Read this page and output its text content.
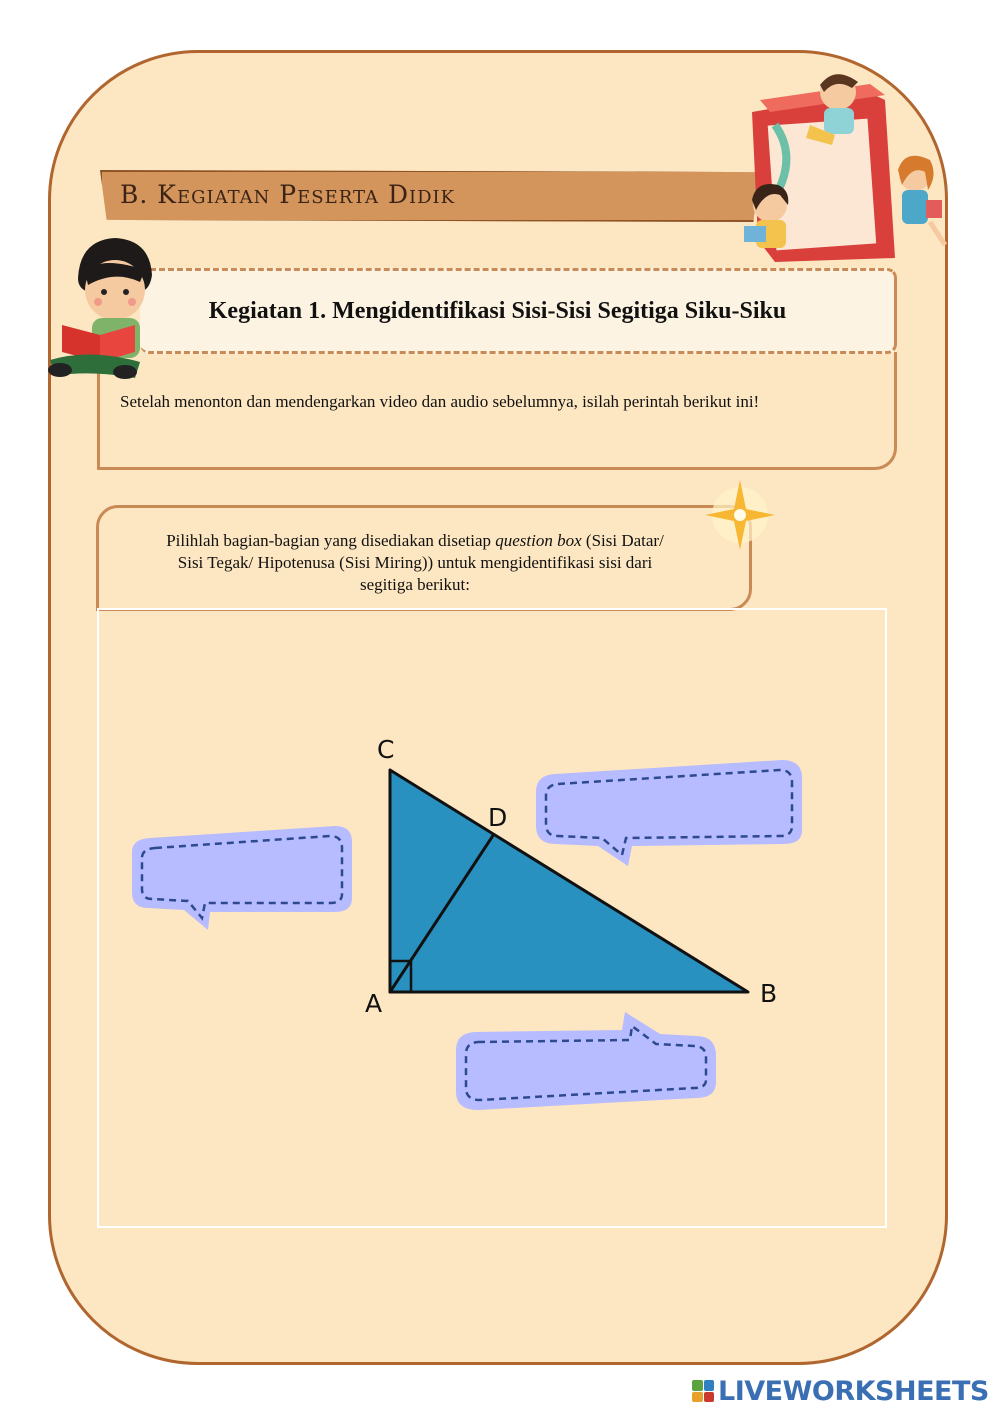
B. Kegiatan Peserta Didik
Kegiatan 1. Mengidentifikasi Sisi-Sisi Segitiga Siku-Siku
Setelah menonton dan mendengarkan video dan audio sebelumnya, isilah perintah berikut ini!
Pilihlah bagian-bagian yang disediakan disetiap question box (Sisi Datar/
Sisi Tegak/ Hipotenusa (Sisi Miring)) untuk mengidentifikasi sisi dari
segitiga berikut:
C
D
A	B
LIVEWORKSHEETS
